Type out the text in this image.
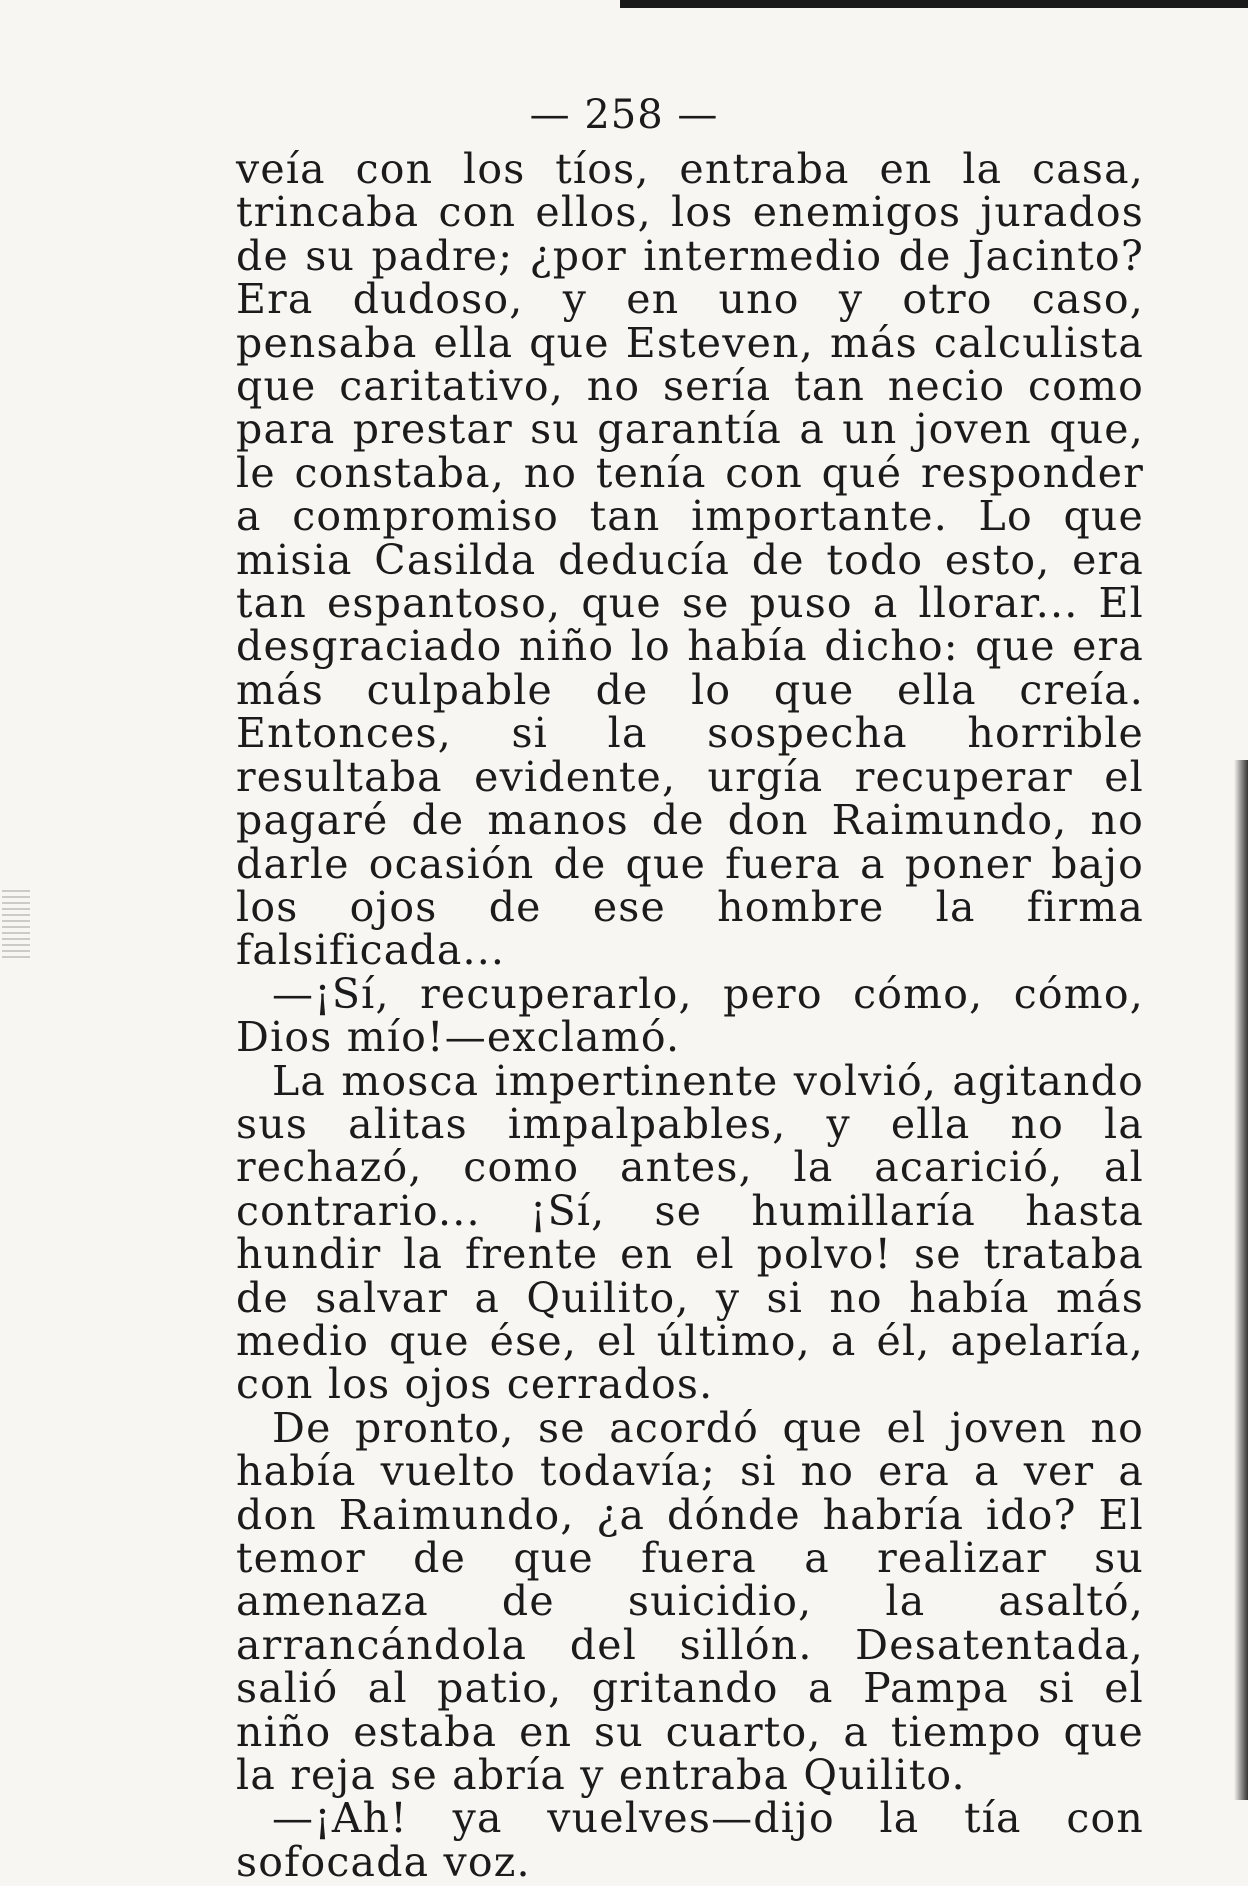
— 258 —

veía con los tíos, entraba en la casa, trincaba con ellos, los enemigos jurados de su padre; ¿por intermedio de Jacinto? Era dudoso, y en uno y otro caso, pensaba ella que Esteven, más calculista que caritativo, no sería tan necio como para prestar su garantía a un joven que, le constaba, no tenía con qué responder a compromiso tan importante. Lo que misia Casilda deducía de todo esto, era tan espantoso, que se puso a llorar... El desgraciado niño lo había dicho: que era más culpable de lo que ella creía. Entonces, si la sospecha horrible resultaba evidente, urgía recuperar el pagaré de manos de don Raimundo, no darle ocasión de que fuera a poner bajo los ojos de ese hombre la firma falsificada...

—¡Sí, recuperarlo, pero cómo, cómo, Dios mío!—exclamó.

La mosca impertinente volvió, agitando sus alitas impalpables, y ella no la rechazó, como antes, la acarició, al contrario... ¡Sí, se humillaría hasta hundir la frente en el polvo! se trataba de salvar a Quilito, y si no había más medio que ése, el último, a él, apelaría, con los ojos cerrados.

De pronto, se acordó que el joven no había vuelto todavía; si no era a ver a don Raimundo, ¿a dónde habría ido? El temor de que fuera a realizar su amenaza de suicidio, la asaltó, arrancándola del sillón. Desatentada, salió al patio, gritando a Pampa si el niño estaba en su cuarto, a tiempo que la reja se abría y entraba Quilito.

—¡Ah! ya vuelves—dijo la tía con sofocada voz.
